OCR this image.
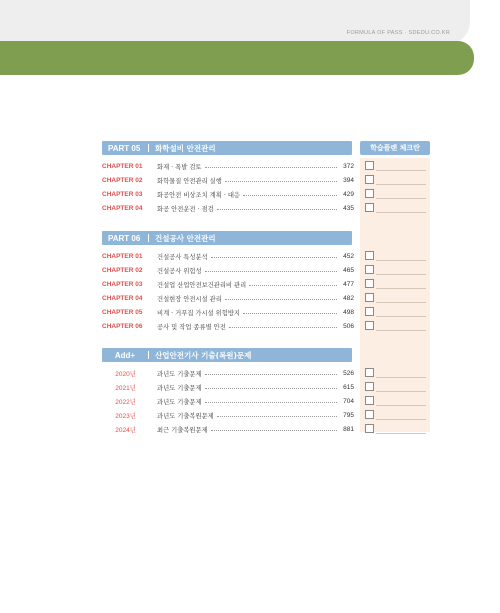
FORMULA OF PASS · SDEDU.CO.KR
학습플랜 체크란
PART 05	화학설비 안전관리
CHAPTER 01	화재 · 폭발 검토	372
CHAPTER 02	화학물질 안전관리 실행	394
CHAPTER 03	화공안전 비상조치 계획 · 대응	429
CHAPTER 04	화공 안전운전 · 점검	435
PART 06	건설공사 안전관리
CHAPTER 01	건설공사 특성분석	452
CHAPTER 02	건설공사 위험성	465
CHAPTER 03	건설업 산업안전보건관리비 관리	477
CHAPTER 04	건설현장 안전시설 관리	482
CHAPTER 05	비계 · 거푸집 가시설 위험방지	498
CHAPTER 06	공사 및 작업 종류별 안전	506
Add+	산업안전기사 기출(복원)문제
2020년	과년도 기출문제	526
2021년	과년도 기출문제	615
2022년	과년도 기출문제	704
2023년	과년도 기출복원문제	795
2024년	최근 기출복원문제	881
